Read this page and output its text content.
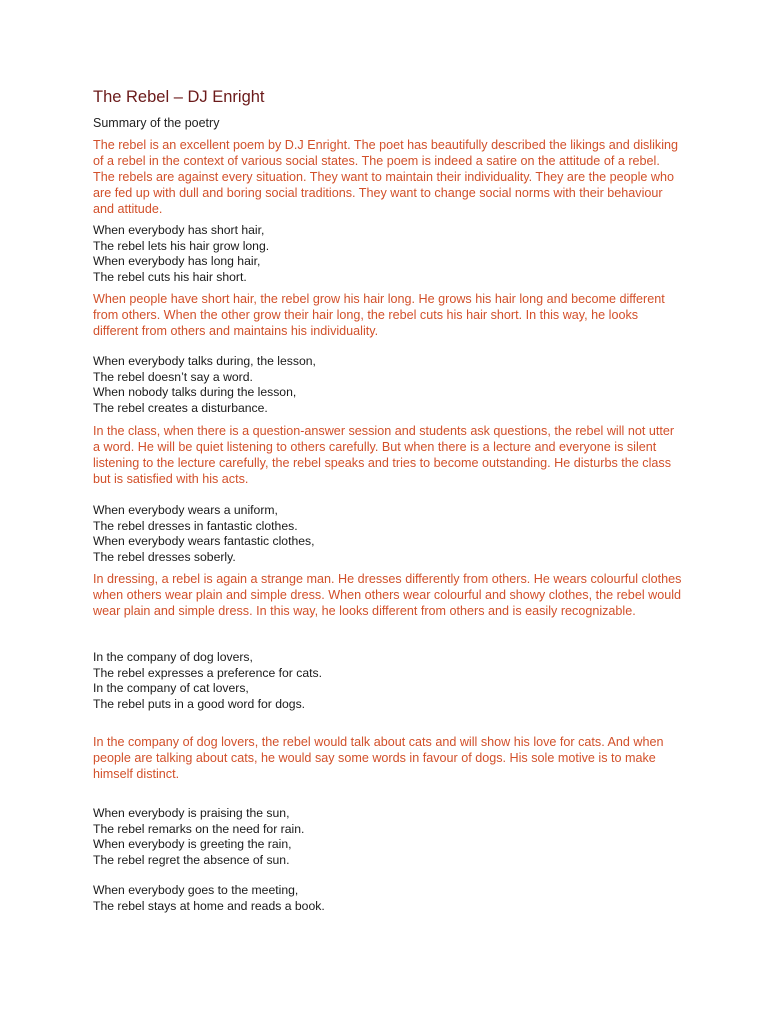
The Rebel – DJ Enright

Summary of the poetry

The rebel is an excellent poem by D.J Enright. The poet has beautifully described the likings and disliking of a rebel in the context of various social states. The poem is indeed a satire on the attitude of a rebel. The rebels are against every situation. They want to maintain their individuality. They are the people who are fed up with dull and boring social traditions. They want to change social norms with their behaviour and attitude.

When everybody has short hair,
The rebel lets his hair grow long.
When everybody has long hair,
The rebel cuts his hair short.

When people have short hair, the rebel grow his hair long. He grows his hair long and become different from others. When the other grow their hair long, the rebel cuts his hair short. In this way, he looks different from others and maintains his individuality.

When everybody talks during, the lesson,
The rebel doesn’t say a word.
When nobody talks during the lesson,
The rebel creates a disturbance.

In the class, when there is a question-answer session and students ask questions, the rebel will not utter a word. He will be quiet listening to others carefully. But when there is a lecture and everyone is silent listening to the lecture carefully, the rebel speaks and tries to become outstanding. He disturbs the class but is satisfied with his acts.

When everybody wears a uniform,
The rebel dresses in fantastic clothes.
When everybody wears fantastic clothes,
The rebel dresses soberly.

In dressing, a rebel is again a strange man. He dresses differently from others. He wears colourful clothes when others wear plain and simple dress. When others wear colourful and showy clothes, the rebel would wear plain and simple dress. In this way, he looks different from others and is easily recognizable.

In the company of dog lovers,
The rebel expresses a preference for cats.
In the company of cat lovers,
The rebel puts in a good word for dogs.

In the company of dog lovers, the rebel would talk about cats and will show his love for cats. And when people are talking about cats, he would say some words in favour of dogs. His sole motive is to make himself distinct.

When everybody is praising the sun,
The rebel remarks on the need for rain.
When everybody is greeting the rain,
The rebel regret the absence of sun.
When everybody goes to the meeting,
The rebel stays at home and reads a book.
